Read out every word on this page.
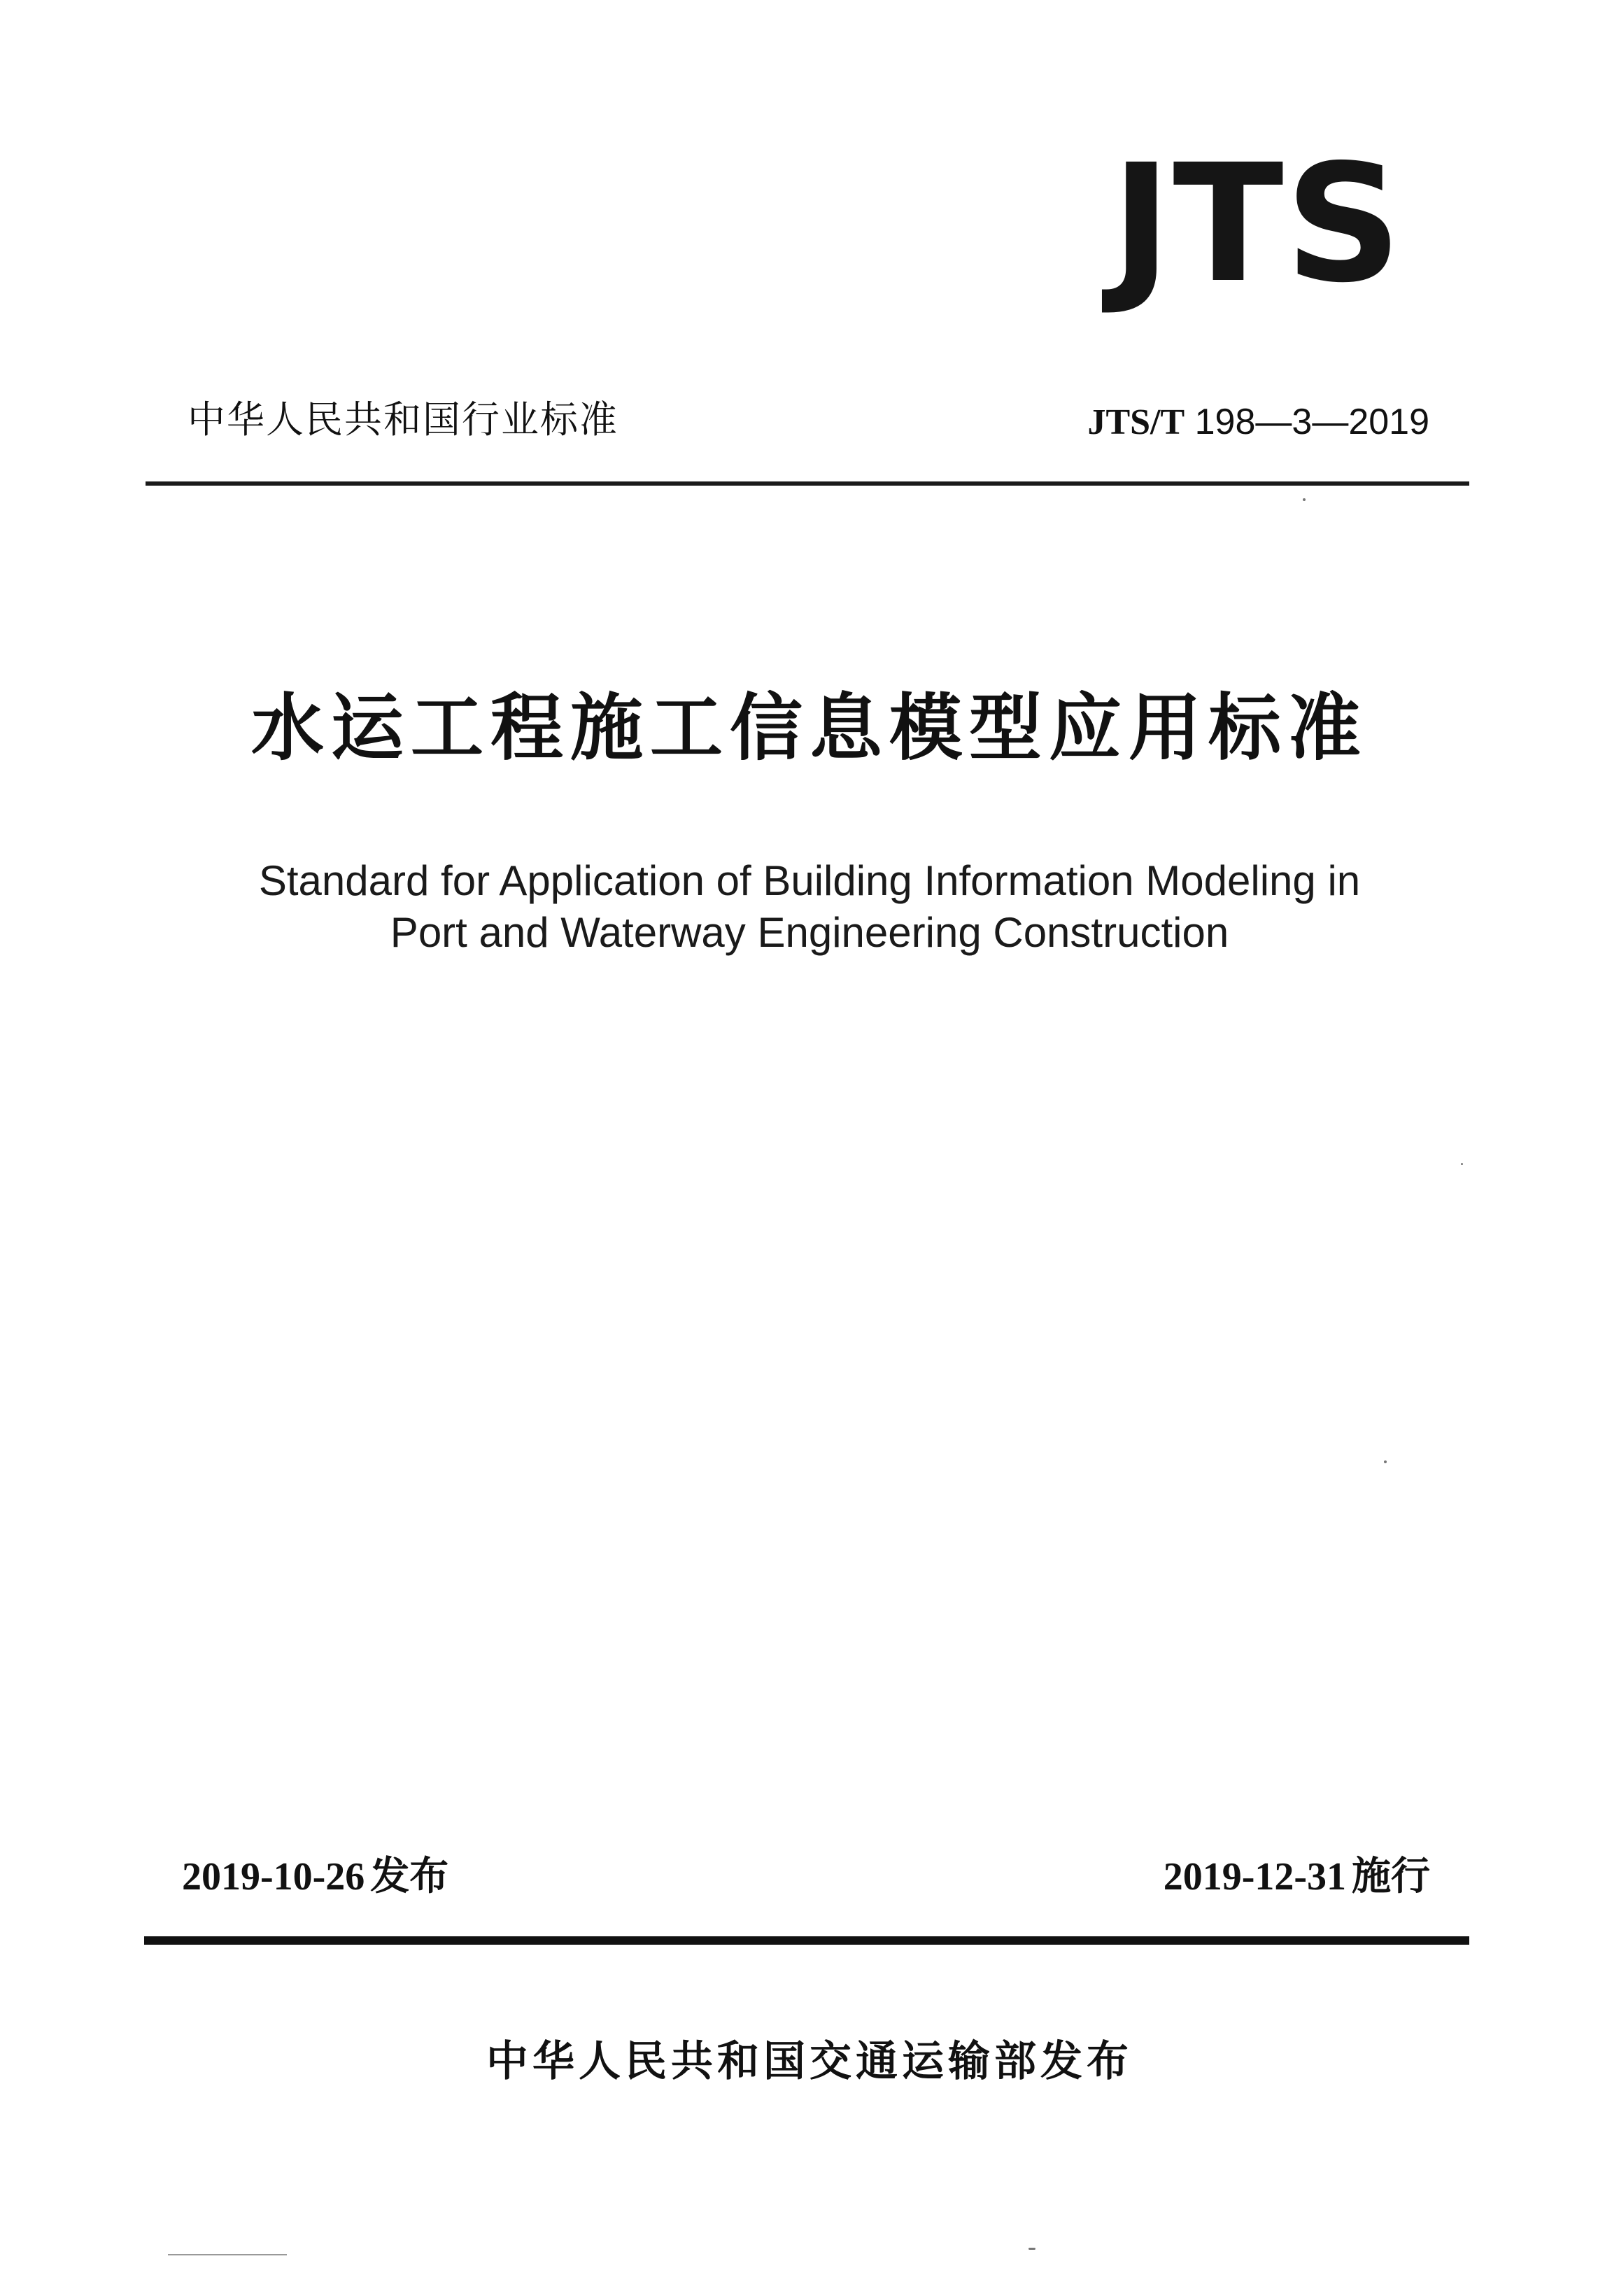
JTS
中华人民共和国行业标准	JTS/T 198—3—2019
水运工程施工信息模型应用标准
Standard for Application of Building Information Modeling in
Port and Waterway Engineering Construction
2019-10-26 发布	2019-12-31 施行
中华人民共和国交通运输部发布
